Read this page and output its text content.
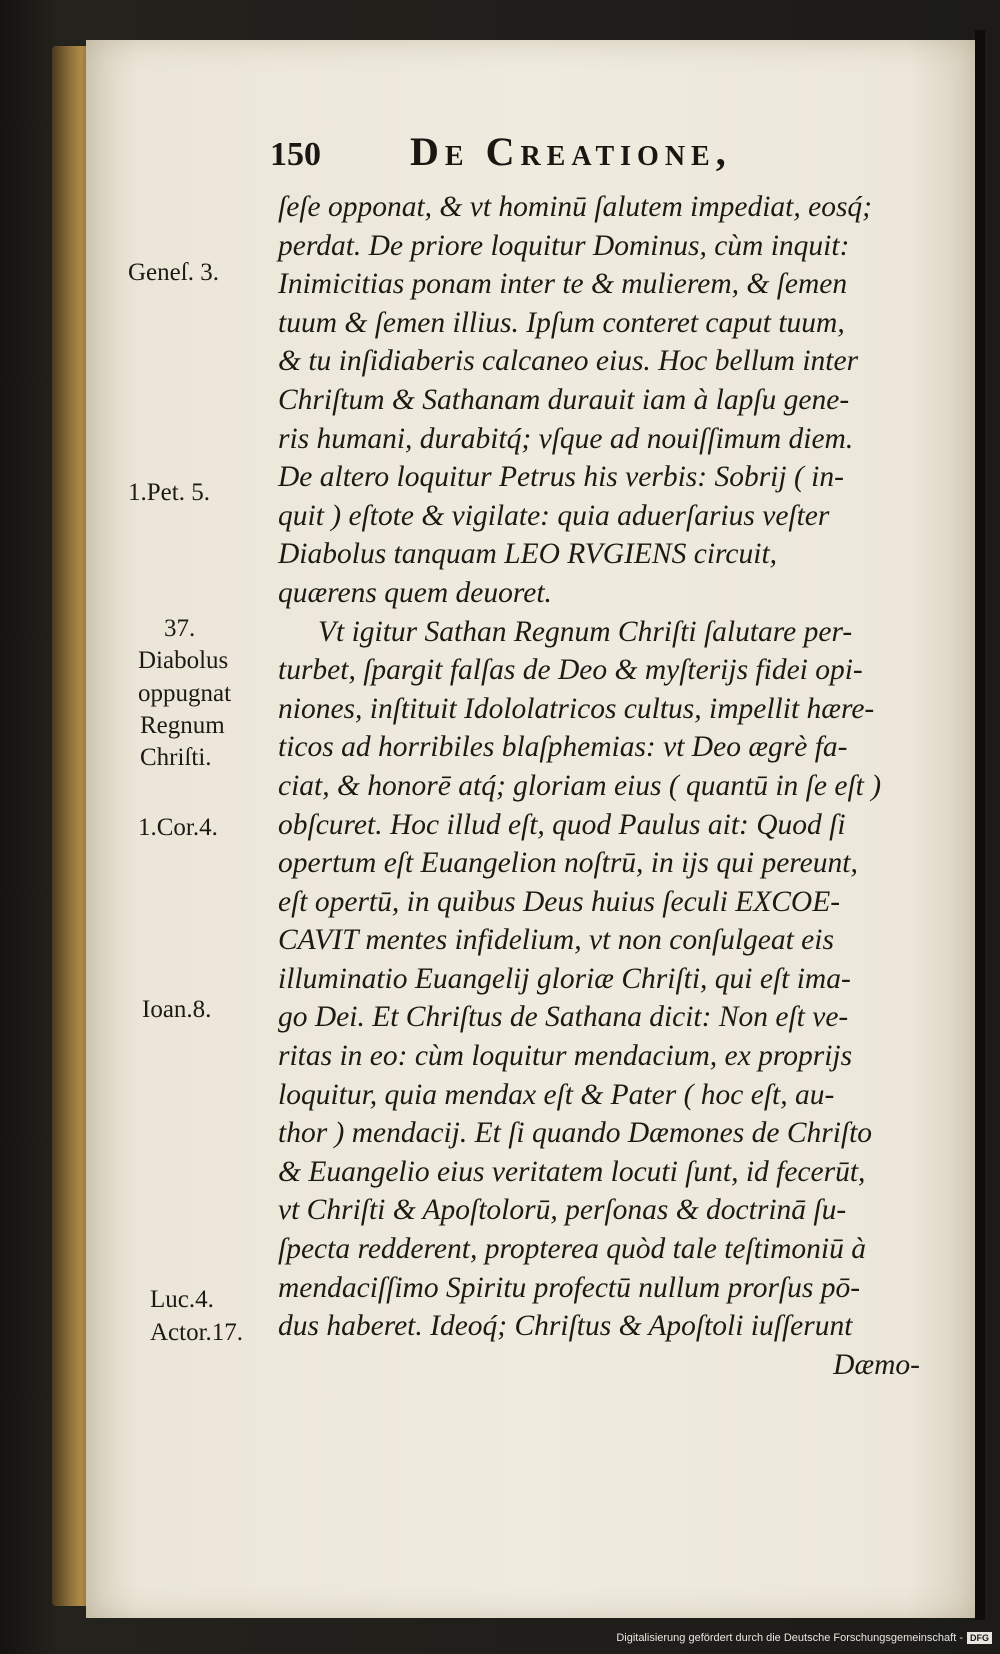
150 De Creatione,
ſeſe opponat, & vt hominū ſalutem impediat, eosq́;
perdat. De priore loquitur Dominus, cùm inquit:
Inimicitias ponam inter te & mulierem, & ſemen
tuum & ſemen illius. Ipſum conteret caput tuum,
& tu inſidiaberis calcaneo eius. Hoc bellum inter
Chriſtum & Sathanam durauit iam à lapſu gene-
ris humani, durabitq́; vſque ad nouiſſimum diem.
De altero loquitur Petrus his verbis: Sobrij ( in-
quit ) eſtote & vigilate: quia aduerſarius veſter
Diabolus tanquam LEO RVGIENS circuit,
quærens quem deuoret.
Vt igitur Sathan Regnum Chriſti ſalutare per-
turbet, ſpargit falſas de Deo & myſterijs fidei opi-
niones, inſtituit Idololatricos cultus, impellit hære-
ticos ad horribiles blaſphemias: vt Deo ægrè fa-
ciat, & honorē atq́; gloriam eius ( quantū in ſe eſt )
obſcuret. Hoc illud eſt, quod Paulus ait: Quod ſi
opertum eſt Euangelion noſtrū, in ijs qui pereunt,
eſt opertū, in quibus Deus huius ſeculi EXCOE-
CAVIT mentes infidelium, vt non conſulgeat eis
illuminatio Euangelij gloriæ Chriſti, qui eſt ima-
go Dei. Et Chriſtus de Sathana dicit: Non eſt ve-
ritas in eo: cùm loquitur mendacium, ex proprijs
loquitur, quia mendax eſt & Pater ( hoc eſt, au-
thor ) mendacij. Et ſi quando Dæmones de Chriſto
& Euangelio eius veritatem locuti ſunt, id fecerūt,
vt Chriſti & Apoſtolorū, perſonas & doctrinā ſu-
ſpecta redderent, propterea quòd tale teſtimoniū à
mendaciſſimo Spiritu profectū nullum prorſus pō-
dus haberet. Ideoq́; Chriſtus & Apoſtoli iuſſerunt
Dæmo-
Geneſ. 3.
1.Pet. 5.
37.
Diabolus
oppugnat
Regnum
Chriſti.
1.Cor.4.
Ioan.8.
Luc.4.
Actor.17.
Digitalisierung gefördert durch die Deutsche Forschungsgemeinschaft - DFG
